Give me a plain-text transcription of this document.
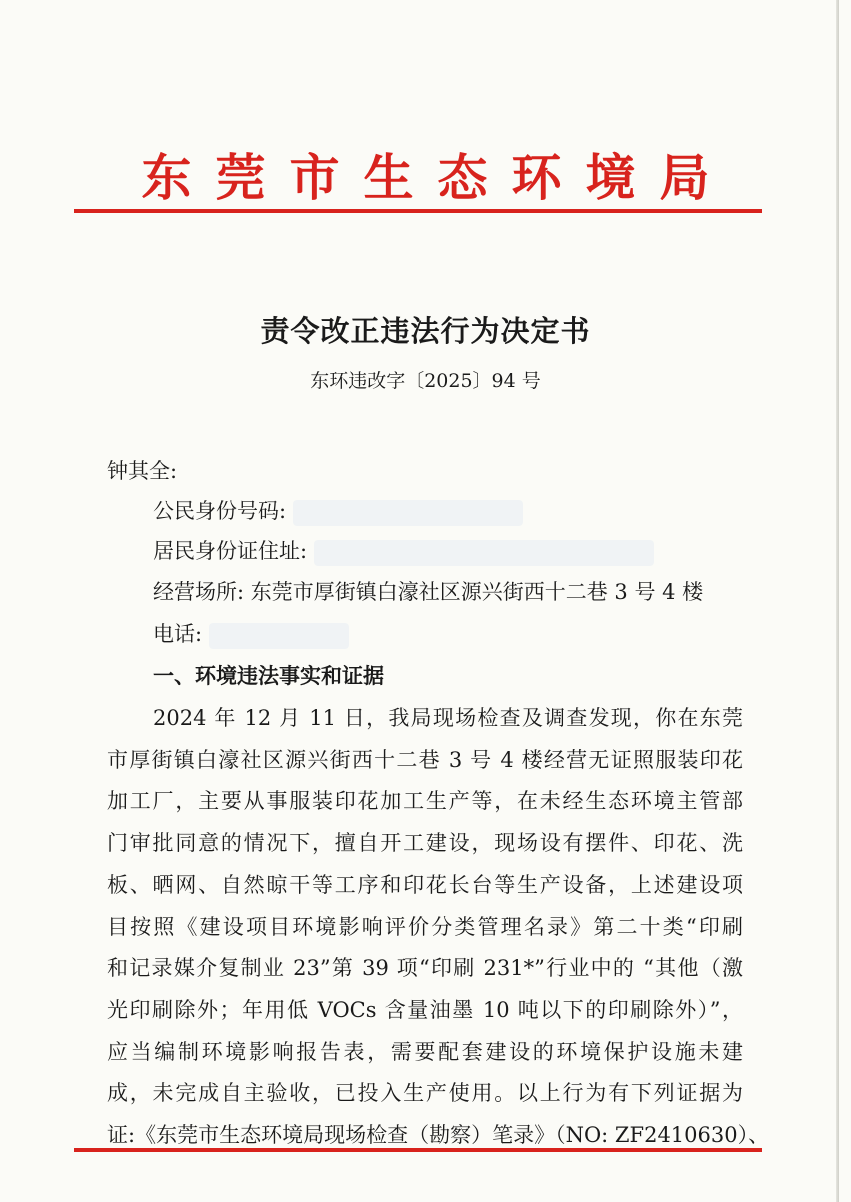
东莞市生态环境局
责令改正违法行为决定书
东环违改字〔2025〕94 号
钟其全:
公民身份号码:
居民身份证住址:
经营场所: 东莞市厚街镇白濠社区源兴街西十二巷 3 号 4 楼
电话:
一、环境违法事实和证据
2024 年 12 月 11 日，我局现场检查及调查发现，你在东莞
市厚街镇白濠社区源兴街西十二巷 3 号 4 楼经营无证照服装印花
加工厂，主要从事服装印花加工生产等，在未经生态环境主管部
门审批同意的情况下，擅自开工建设，现场设有摆件、印花、洗
板、晒网、自然晾干等工序和印花长台等生产设备，上述建设项
目按照《建设项目环境影响评价分类管理名录》第二十类“印刷
和记录媒介复制业 23”第 39 项“印刷 231*”行业中的 “其他（激
光印刷除外；年用低 VOCs 含量油墨 10 吨以下的印刷除外）”，
应当编制环境影响报告表，需要配套建设的环境保护设施未建
成，未完成自主验收，已投入生产使用。以上行为有下列证据为
证:《东莞市生态环境局现场检查（勘察）笔录》（NO: ZF2410630）、
